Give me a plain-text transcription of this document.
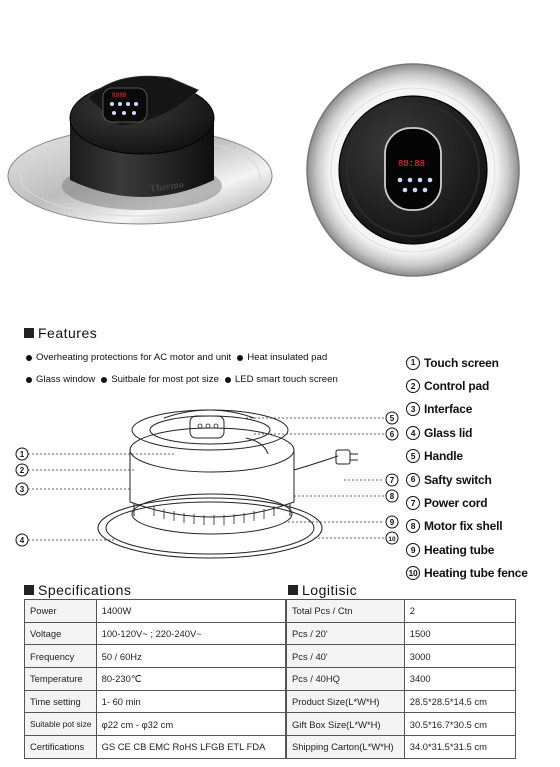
8888
Thermo
88:88
Features
Overheating protections for AC motor and unit Heat insulated pad
Glass window Suitbale for most pot size LED smart touch screen
1 Touch screen
2 Control pad
3 Interface
4 Glass lid
5 Handle
6 Safty switch
7 Power cord
8 Motor fix shell
9 Heating tube
10 Heating tube fence
1
2
3
4
5
6
7
8
9
10
Specifications	Logitisic
Power	1400W
Voltage	100-120V~ ; 220-240V~
Frequency	50 / 60Hz
Temperature	80-230℃
Time setting	1- 60 min
Suitable pot size	φ22 cm - φ32 cm
Certifications	GS CE CB EMC RoHS LFGB ETL FDA
Total Pcs / Ctn	2
Pcs / 20'	1500
Pcs / 40'	3000
Pcs / 40HQ	3400
Product Size(L*W*H)	28.5*28.5*14.5 cm
Gift Box Size(L*W*H)	30.5*16.7*30.5 cm
Shipping Carton(L*W*H)	34.0*31.5*31.5 cm
